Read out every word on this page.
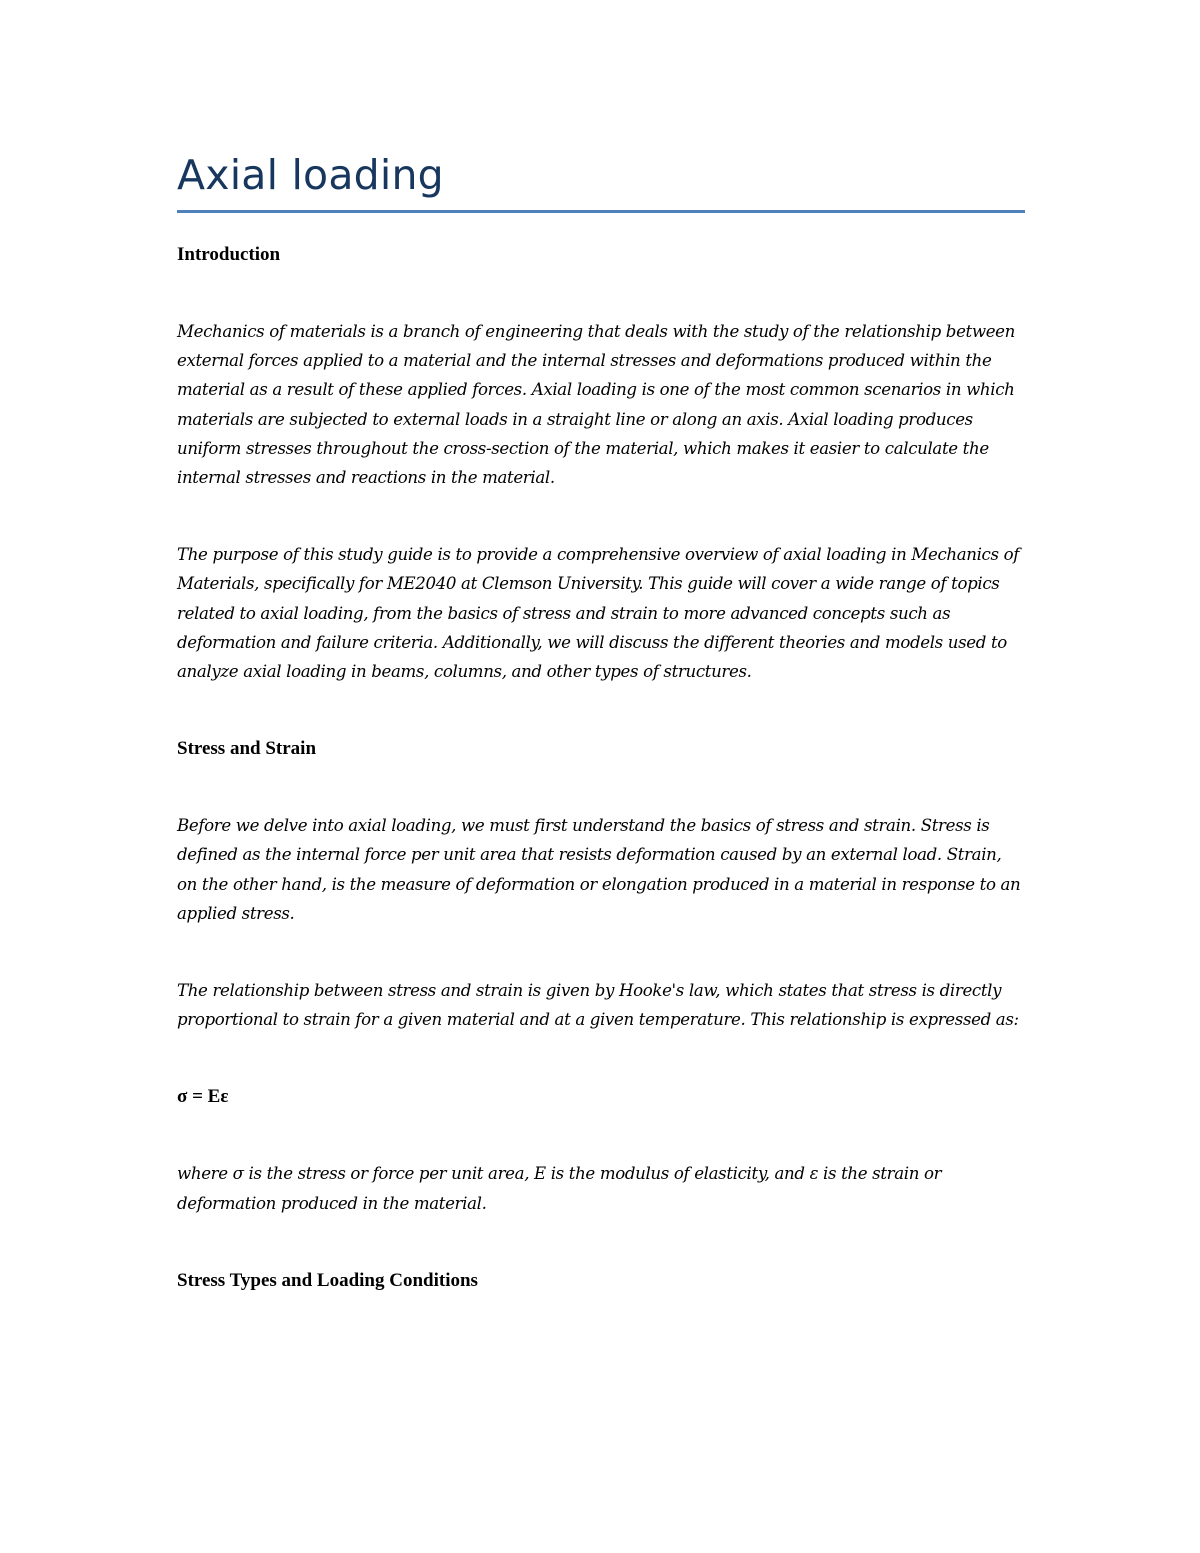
Axial loading
Introduction

Mechanics of materials is a branch of engineering that deals with the study of the relationship between external forces applied to a material and the internal stresses and deformations produced within the material as a result of these applied forces. Axial loading is one of the most common scenarios in which materials are subjected to external loads in a straight line or along an axis. Axial loading produces uniform stresses throughout the cross-section of the material, which makes it easier to calculate the internal stresses and reactions in the material.

The purpose of this study guide is to provide a comprehensive overview of axial loading in Mechanics of Materials, specifically for ME2040 at Clemson University. This guide will cover a wide range of topics related to axial loading, from the basics of stress and strain to more advanced concepts such as deformation and failure criteria. Additionally, we will discuss the different theories and models used to analyze axial loading in beams, columns, and other types of structures.

Stress and Strain

Before we delve into axial loading, we must first understand the basics of stress and strain. Stress is defined as the internal force per unit area that resists deformation caused by an external load. Strain, on the other hand, is the measure of deformation or elongation produced in a material in response to an applied stress.

The relationship between stress and strain is given by Hooke's law, which states that stress is directly proportional to strain for a given material and at a given temperature. This relationship is expressed as:

σ = Eε

where σ is the stress or force per unit area, E is the modulus of elasticity, and ε is the strain or deformation produced in the material.

Stress Types and Loading Conditions
